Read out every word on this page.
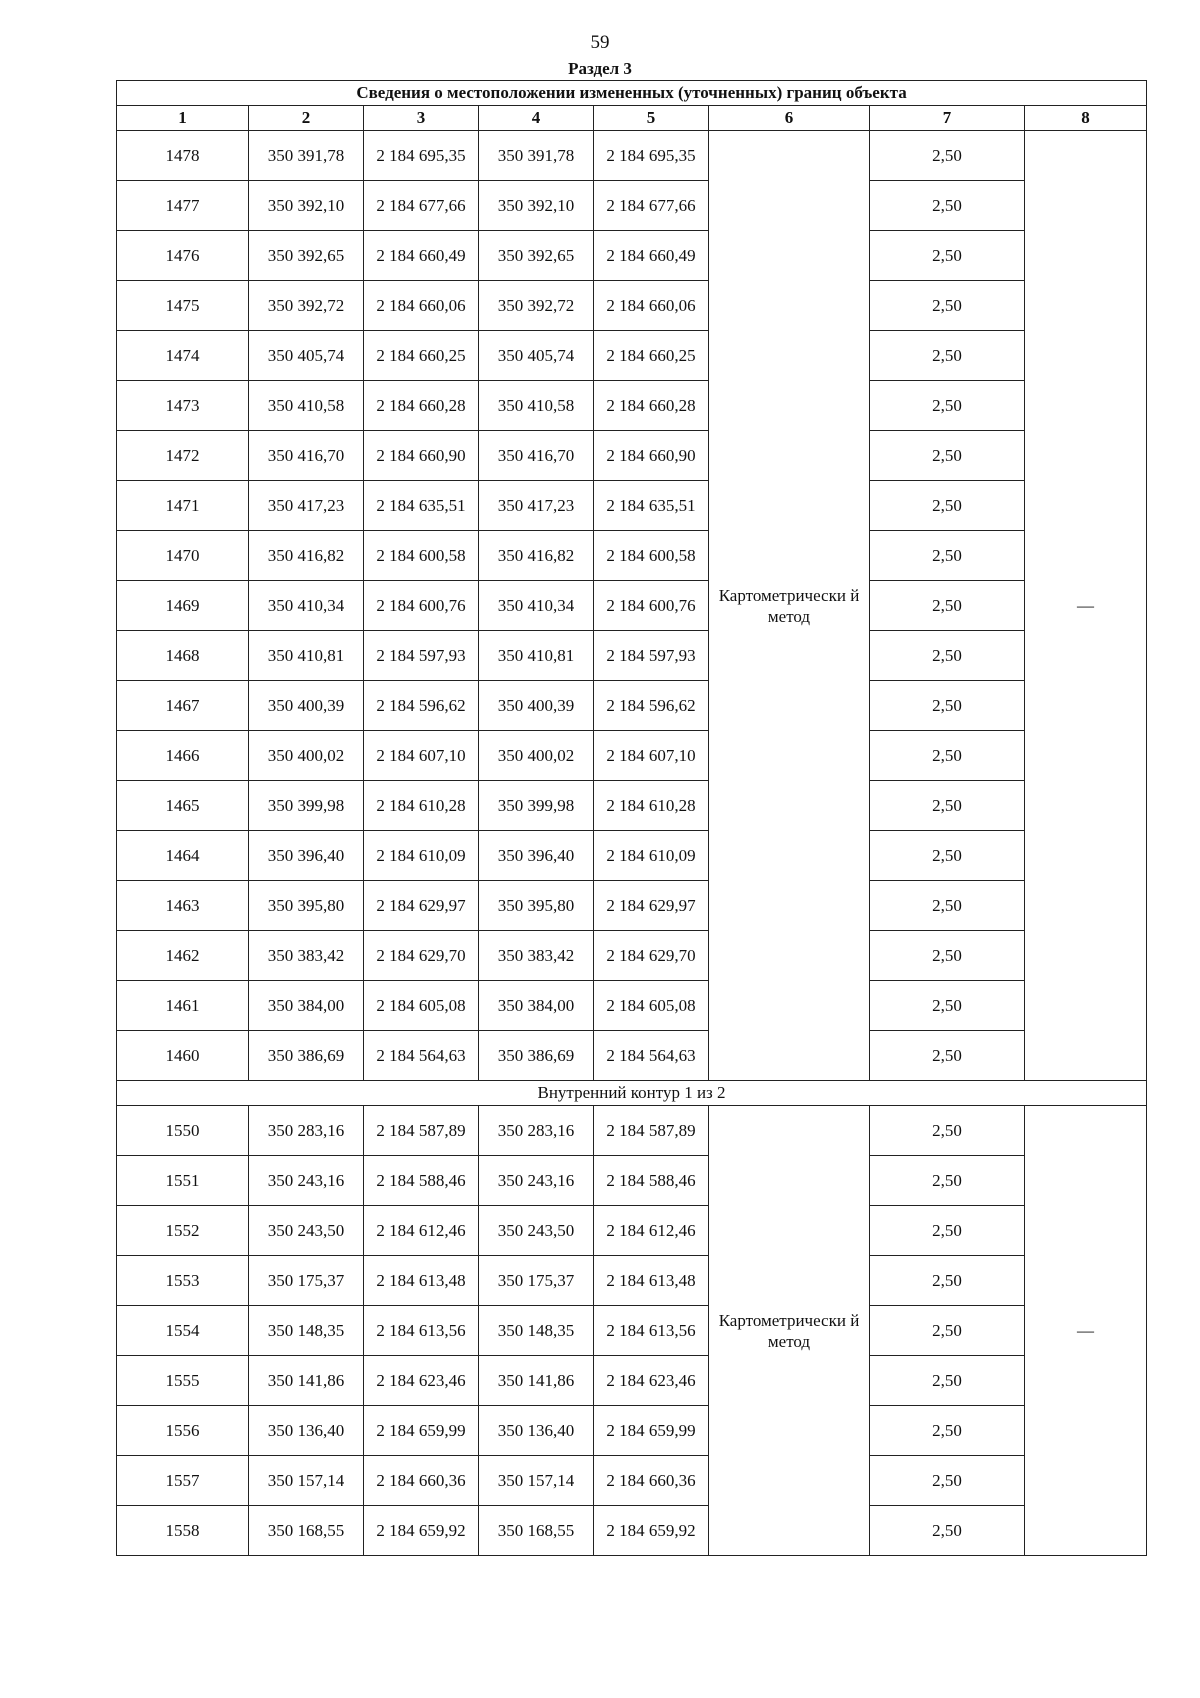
59
Раздел 3
Сведения о местоположении измененных (уточненных) границ объекта							
1	2	3	4	5	6	7	8
1478	350 391,78	2 184 695,35	350 391,78	2 184 695,35	Картометрически й метод	2,50	—
1477	350 392,10	2 184 677,66	350 392,10	2 184 677,66		2,50	
1476	350 392,65	2 184 660,49	350 392,65	2 184 660,49		2,50	
1475	350 392,72	2 184 660,06	350 392,72	2 184 660,06		2,50	
1474	350 405,74	2 184 660,25	350 405,74	2 184 660,25		2,50	
1473	350 410,58	2 184 660,28	350 410,58	2 184 660,28		2,50	
1472	350 416,70	2 184 660,90	350 416,70	2 184 660,90		2,50	
1471	350 417,23	2 184 635,51	350 417,23	2 184 635,51		2,50	
1470	350 416,82	2 184 600,58	350 416,82	2 184 600,58		2,50	
1469	350 410,34	2 184 600,76	350 410,34	2 184 600,76		2,50	
1468	350 410,81	2 184 597,93	350 410,81	2 184 597,93		2,50	
1467	350 400,39	2 184 596,62	350 400,39	2 184 596,62		2,50	
1466	350 400,02	2 184 607,10	350 400,02	2 184 607,10		2,50	
1465	350 399,98	2 184 610,28	350 399,98	2 184 610,28		2,50	
1464	350 396,40	2 184 610,09	350 396,40	2 184 610,09		2,50	
1463	350 395,80	2 184 629,97	350 395,80	2 184 629,97		2,50	
1462	350 383,42	2 184 629,70	350 383,42	2 184 629,70		2,50	
1461	350 384,00	2 184 605,08	350 384,00	2 184 605,08		2,50	
1460	350 386,69	2 184 564,63	350 386,69	2 184 564,63		2,50	
Внутренний контур 1 из 2							
1550	350 283,16	2 184 587,89	350 283,16	2 184 587,89	Картометрически й метод	2,50	—
1551	350 243,16	2 184 588,46	350 243,16	2 184 588,46		2,50	
1552	350 243,50	2 184 612,46	350 243,50	2 184 612,46		2,50	
1553	350 175,37	2 184 613,48	350 175,37	2 184 613,48		2,50	
1554	350 148,35	2 184 613,56	350 148,35	2 184 613,56		2,50	
1555	350 141,86	2 184 623,46	350 141,86	2 184 623,46		2,50	
1556	350 136,40	2 184 659,99	350 136,40	2 184 659,99		2,50	
1557	350 157,14	2 184 660,36	350 157,14	2 184 660,36		2,50	
1558	350 168,55	2 184 659,92	350 168,55	2 184 659,92		2,50	
